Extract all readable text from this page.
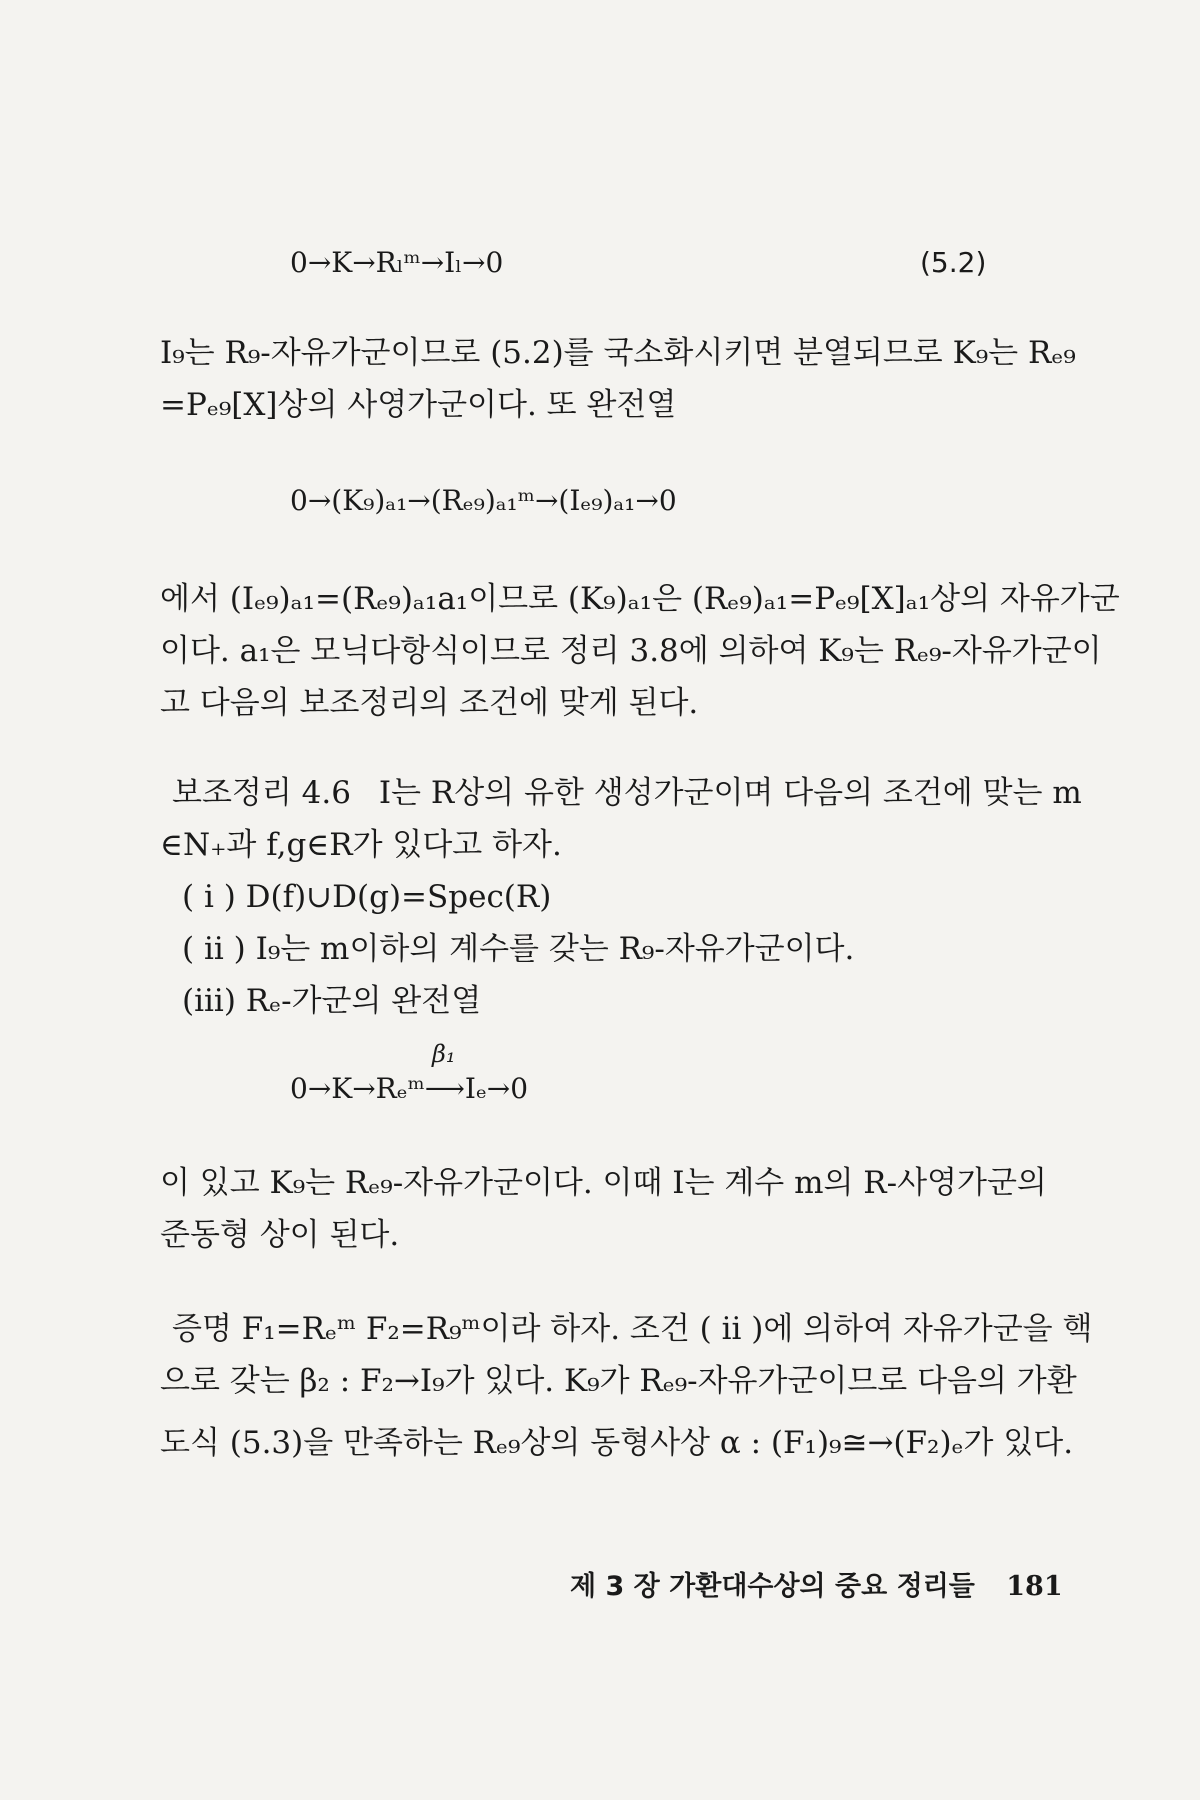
0→K→Rₗᵐ→Iₗ→0	(5.2)
I₉는 R₉-자유가군이므로 (5.2)를 국소화시키면 분열되므로 K₉는 Rₑ₉
=Pₑ₉[X]상의 사영가군이다. 또 완전열
0→(K₉)ₐ₁→(Rₑ₉)ₐ₁ᵐ→(Iₑ₉)ₐ₁→0
에서 (Iₑ₉)ₐ₁=(Rₑ₉)ₐ₁a₁이므로 (K₉)ₐ₁은 (Rₑ₉)ₐ₁=Pₑ₉[X]ₐ₁상의 자유가군
이다. a₁은 모닉다항식이므로 정리 3.8에 의하여 K₉는 Rₑ₉-자유가군이
고 다음의 보조정리의 조건에 맞게 된다.
보조정리 4.6 I는 R상의 유한 생성가군이며 다음의 조건에 맞는 m
∈N₊과 f,g∈R가 있다고 하자.
( i ) D(f)∪D(g)=Spec(R)
( ii ) I₉는 m이하의 계수를 갖는 R₉-자유가군이다.
(iii) Rₑ-가군의 완전열
β₁
0→K→Rₑᵐ⟶Iₑ→0
이 있고 K₉는 Rₑ₉-자유가군이다. 이때 I는 계수 m의 R-사영가군의
준동형 상이 된다.
증명 F₁=Rₑᵐ F₂=R₉ᵐ이라 하자. 조건 ( ii )에 의하여 자유가군을 핵
으로 갖는 β₂ : F₂→I₉가 있다. K₉가 Rₑ₉-자유가군이므로 다음의 가환
도식 (5.3)을 만족하는 Rₑ₉상의 동형사상 α : (F₁)₉≅→(F₂)ₑ가 있다.
제 3 장 가환대수상의 중요 정리들 181
